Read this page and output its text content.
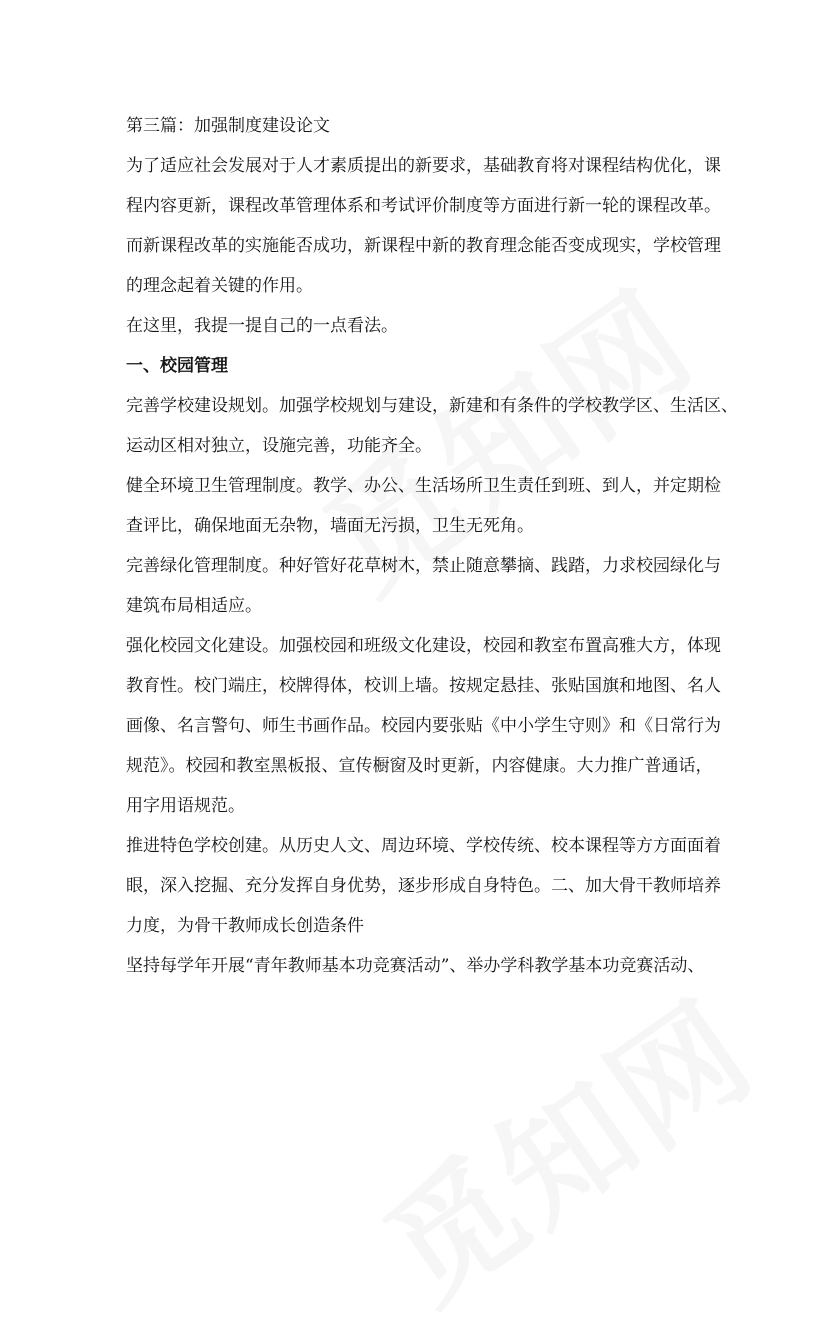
第三篇：加强制度建设论文
为了适应社会发展对于人才素质提出的新要求，基础教育将对课程结构优化，课
程内容更新，课程改革管理体系和考试评价制度等方面进行新一轮的课程改革。
而新课程改革的实施能否成功，新课程中新的教育理念能否变成现实，学校管理
的理念起着关键的作用。
在这里，我提一提自己的一点看法。
一、校园管理
完善学校建设规划。加强学校规划与建设，新建和有条件的学校教学区、生活区、
运动区相对独立，设施完善，功能齐全。
健全环境卫生管理制度。教学、办公、生活场所卫生责任到班、到人，并定期检
查评比，确保地面无杂物，墙面无污损，卫生无死角。
完善绿化管理制度。种好管好花草树木，禁止随意攀摘、践踏，力求校园绿化与
建筑布局相适应。
强化校园文化建设。加强校园和班级文化建设，校园和教室布置高雅大方，体现
教育性。校门端庄，校牌得体，校训上墙。按规定悬挂、张贴国旗和地图、名人
画像、名言警句、师生书画作品。校园内要张贴《中小学生守则》和《日常行为
规范》。校园和教室黑板报、宣传橱窗及时更新，内容健康。大力推广普通话，
用字用语规范。
推进特色学校创建。从历史人文、周边环境、学校传统、校本课程等方方面面着
眼，深入挖掘、充分发挥自身优势，逐步形成自身特色。二、加大骨干教师培养
力度，为骨干教师成长创造条件
坚持每学年开展“青年教师基本功竞赛活动”、举办学科教学基本功竞赛活动、
